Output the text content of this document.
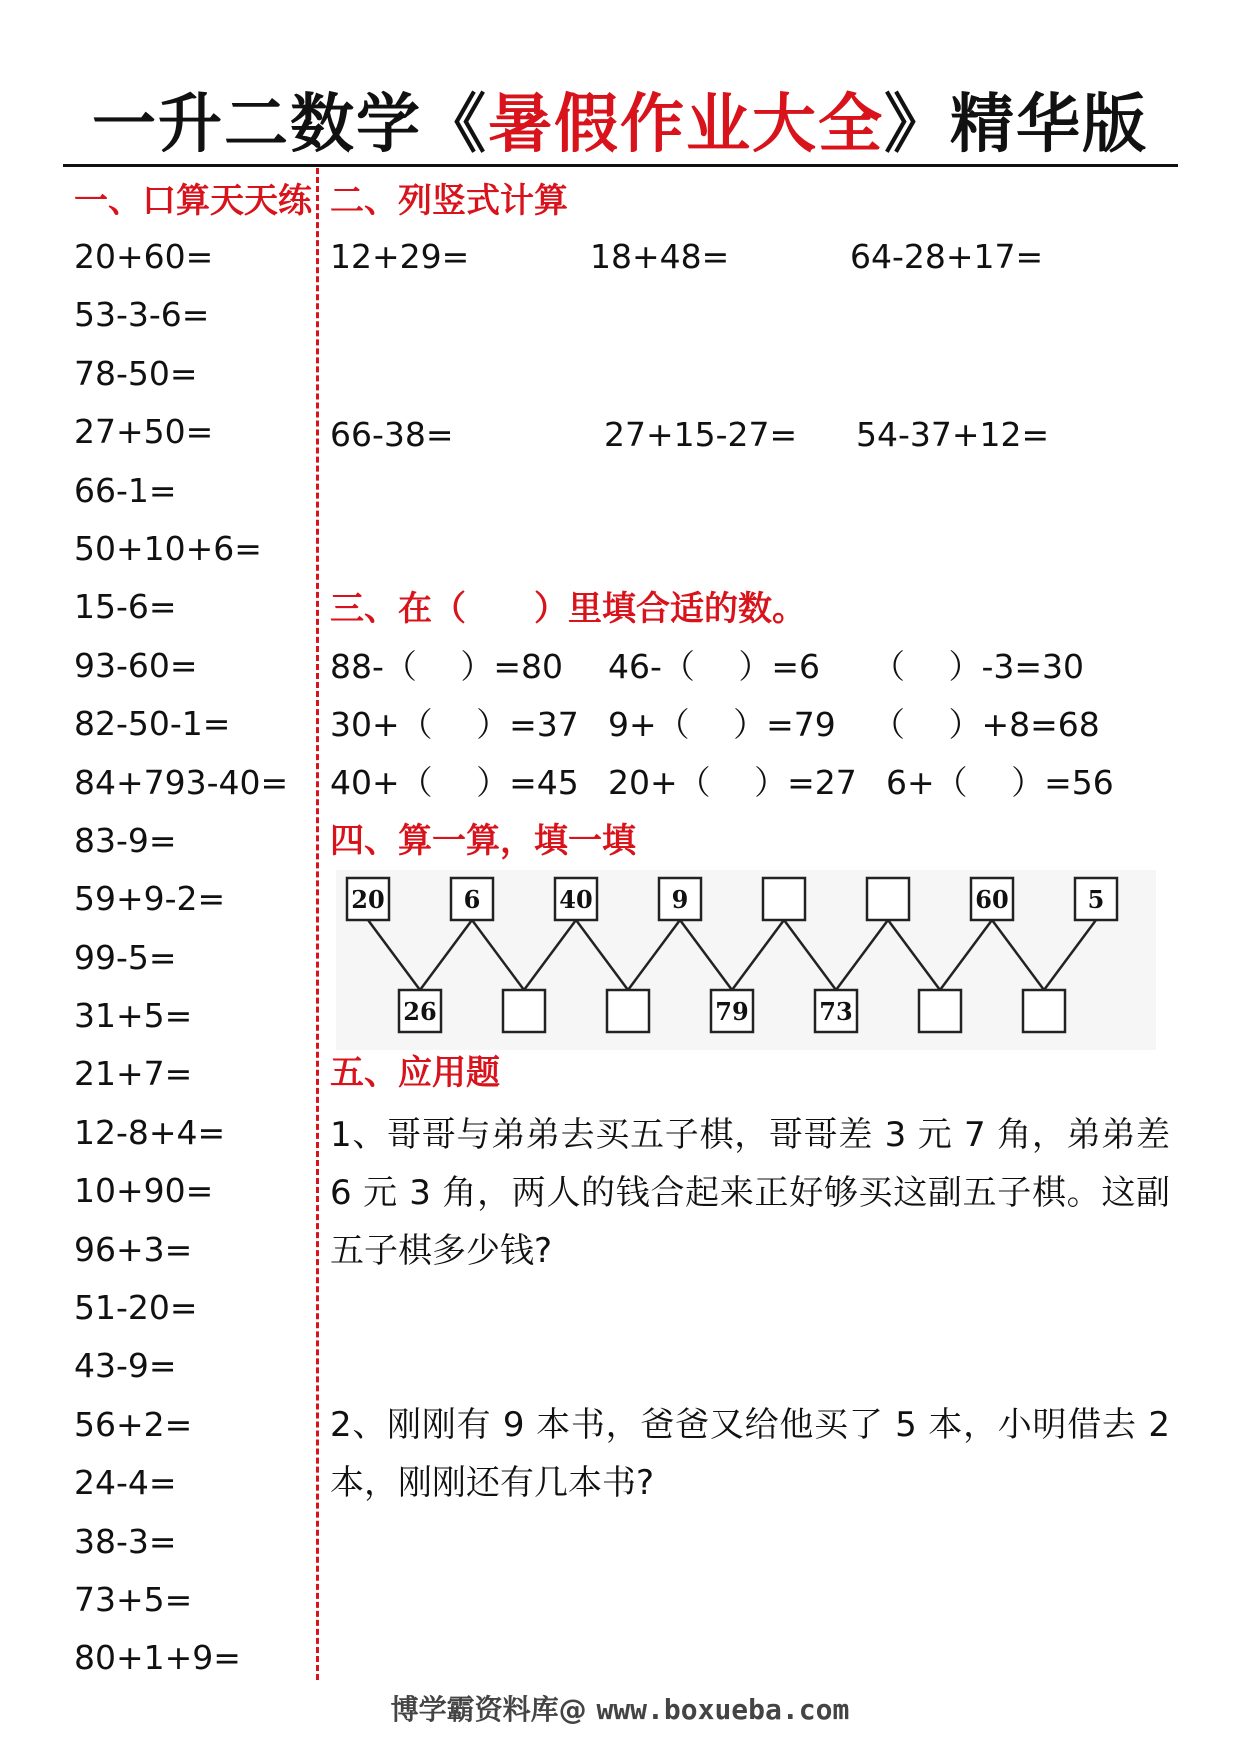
一升二数学《暑假作业大全》精华版
一、口算天天练
20+60=
53-3-6=
78-50=
27+50=
66-1=
50+10+6=
15-6=
93-60=
82-50-1=
84+793-40=
83-9=
59+9-2=
99-5=
31+5=
21+7=
12-8+4=
10+90=
96+3=
51-20=
43-9=
56+2=
24-4=
38-3=
73+5=
80+1+9=
二、列竖式计算
12+29=	18+48=	64-28+17=
66-38=	27+15-27= 54-37+12=
三、在（　　）里填合适的数。
88-（　 ）=80 46-（　 ）=6 （　 ）-3=30
30+（　 ）=37 9+（　 ）=79 （　 ）+8=68
40+（　 ）=45 20+（　 ）=27 6+（　 ）=56
四、算一算，填一填
20	6	40	9	60	5
26	79	73
五、应用题
1、哥哥与弟弟去买五子棋，哥哥差 3 元 7 角，弟弟差 6 元 3 角，两人的钱合起来正好够买这副五子棋。这副五子棋多少钱?
2、刚刚有 9 本书，爸爸又给他买了 5 本，小明借去 2 本，刚刚还有几本书?
博学霸资料库@ www.boxueba.com
